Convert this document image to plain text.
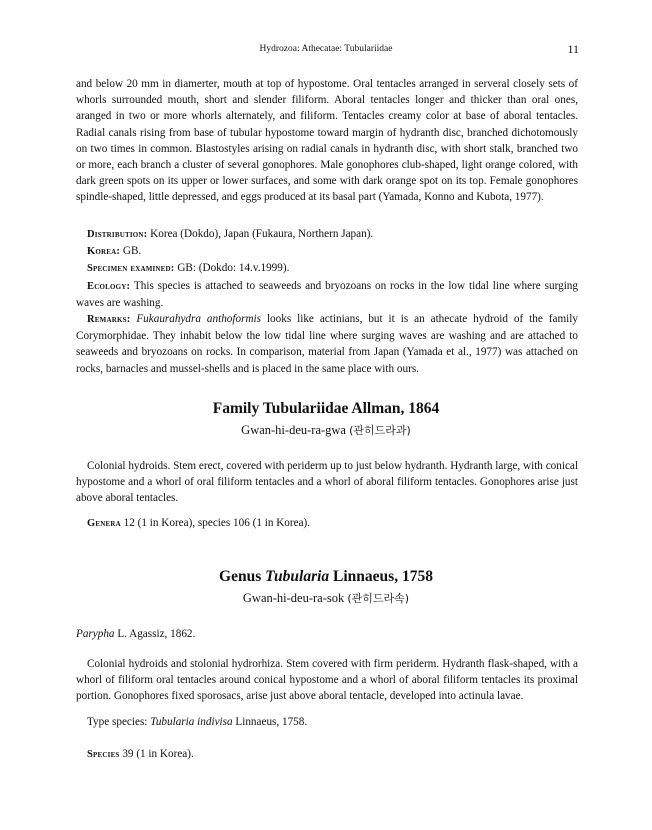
Hydrozoa: Athecatae: Tubulariidae	11

and below 20 mm in diamerter, mouth at top of hypostome. Oral tentacles arranged in serveral closely sets of whorls surrounded mouth, short and slender filiform. Aboral tentacles longer and thicker than oral ones, aranged in two or more whorls alternately, and filiform. Tentacles creamy color at base of aboral tentacles. Radial canals rising from base of tubular hypostome toward margin of hydranth disc, branched dichotomously on two times in common. Blastostyles arising on radial canals in hydranth disc, with short stalk, branched two or more, each branch a cluster of several gonophores. Male gonophores club-shaped, light orange colored, with dark green spots on its upper or lower surfaces, and some with dark orange spot on its top. Female gonophores spindle-shaped, little depressed, and eggs produced at its basal part (Yamada, Konno and Kubota, 1977).

Distribution: Korea (Dokdo), Japan (Fukaura, Northern Japan).
Korea: GB.
Specimen examined: GB: (Dokdo: 14.v.1999).
Ecology: This species is attached to seaweeds and bryozoans on rocks in the low tidal line where surging waves are washing.
Remarks: Fukaurahydra anthoformis looks like actinians, but it is an athecate hydroid of the family Corymorphidae. They inhabit below the low tidal line where surging waves are washing and are attached to seaweeds and bryozoans on rocks. In comparison, material from Japan (Yamada et al., 1977) was attached on rocks, barnacles and mussel-shells and is placed in the same place with ours.
Family Tubulariidae Allman, 1864
Gwan-hi-deu-ra-gwa (관히드라과)

Colonial hydroids. Stem erect, covered with periderm up to just below hydranth. Hydranth large, with conical hypostome and a whorl of oral filiform tentacles and a whorl of aboral filiform tentacles. Gonophores arise just above aboral tentacles.

Genera 12 (1 in Korea), species 106 (1 in Korea).
Genus Tubularia Linnaeus, 1758
Gwan-hi-deu-ra-sok (관히드라속)
Parypha L. Agassiz, 1862.

Colonial hydroids and stolonial hydrorhiza. Stem covered with firm periderm. Hydranth flask-shaped, with a whorl of filiform oral tentacles around conical hypostome and a whorl of aboral filiform tentacles its proximal portion. Gonophores fixed sporosacs, arise just above aboral tentacle, developed into actinula lavae.

Type species: Tubularia indivisa Linnaeus, 1758.
Species 39 (1 in Korea).
